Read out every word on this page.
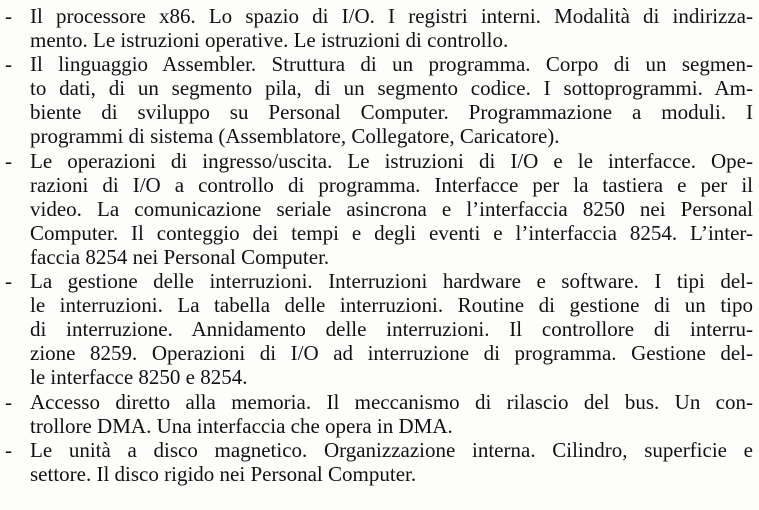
- Il processore x86. Lo spazio di I/O. I registri interni. Modalità di indirizza-
mento. Le istruzioni operative. Le istruzioni di controllo.
- Il linguaggio Assembler. Struttura di un programma. Corpo di un segmen-
to dati, di un segmento pila, di un segmento codice. I sottoprogrammi. Am-
biente di sviluppo su Personal Computer. Programmazione a moduli. I
programmi di sistema (Assemblatore, Collegatore, Caricatore).
- Le operazioni di ingresso/uscita. Le istruzioni di I/O e le interfacce. Ope-
razioni di I/O a controllo di programma. Interfacce per la tastiera e per il
video. La comunicazione seriale asincrona e l’interfaccia 8250 nei Personal
Computer. Il conteggio dei tempi e degli eventi e l’interfaccia 8254. L’inter-
faccia 8254 nei Personal Computer.
- La gestione delle interruzioni. Interruzioni hardware e software. I tipi del-
le interruzioni. La tabella delle interruzioni. Routine di gestione di un tipo
di interruzione. Annidamento delle interruzioni. Il controllore di interru-
zione 8259. Operazioni di I/O ad interruzione di programma. Gestione del-
le interfacce 8250 e 8254.
- Accesso diretto alla memoria. Il meccanismo di rilascio del bus. Un con-
trollore DMA. Una interfaccia che opera in DMA.
- Le unità a disco magnetico. Organizzazione interna. Cilindro, superficie e
settore. Il disco rigido nei Personal Computer.
